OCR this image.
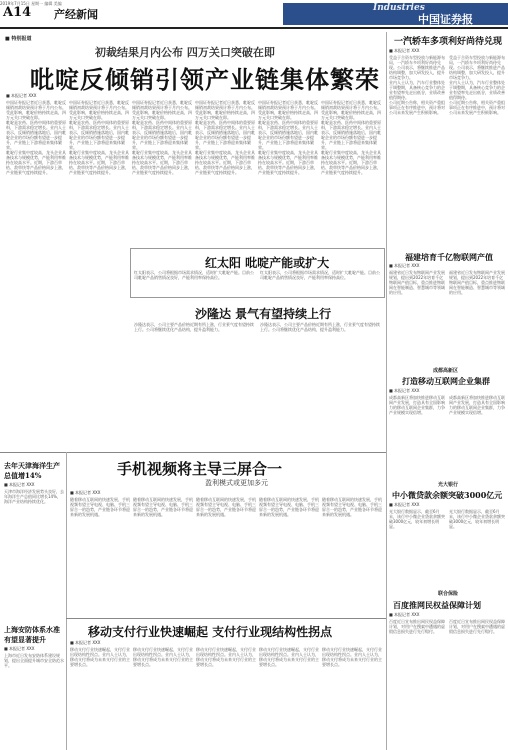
2019年7月15日 星期一 编辑 美编
A14 产经新闻	Industries
中国证券报
■ 特别报道
初裁结果月内公布 四万关口突破在即
吡啶反倾销引领产业链集体繁荣
■ 本报记者 XXX
中国证券报记者近日获悉，吡啶反倾销初裁结果预计将于月内公布。受此影响，吡啶价格持续走高，四万元关口突破在即。
吡啶是农药、医药中间体的重要原料，下游需求稳定增长。业内人士表示，反倾销措施落地后，国内吡啶企业的市场份额有望进一步提升，产业链上下游将迎来集体繁荣。
吡啶行业集中度较高，龙头企业具备技术与规模优势，产能利用率维持在较高水平。近期，下游百草枯、敌草快等产品价格同步上涨，产业链景气度持续提升。

中国证券报记者近日获悉，吡啶反倾销初裁结果预计将于月内公布。受此影响，吡啶价格持续走高，四万元关口突破在即。
吡啶是农药、医药中间体的重要原料，下游需求稳定增长。业内人士表示，反倾销措施落地后，国内吡啶企业的市场份额有望进一步提升，产业链上下游将迎来集体繁荣。
吡啶行业集中度较高，龙头企业具备技术与规模优势，产能利用率维持在较高水平。近期，下游百草枯、敌草快等产品价格同步上涨，产业链景气度持续提升。

中国证券报记者近日获悉，吡啶反倾销初裁结果预计将于月内公布。受此影响，吡啶价格持续走高，四万元关口突破在即。
吡啶是农药、医药中间体的重要原料，下游需求稳定增长。业内人士表示，反倾销措施落地后，国内吡啶企业的市场份额有望进一步提升，产业链上下游将迎来集体繁荣。
吡啶行业集中度较高，龙头企业具备技术与规模优势，产能利用率维持在较高水平。近期，下游百草枯、敌草快等产品价格同步上涨，产业链景气度持续提升。

中国证券报记者近日获悉，吡啶反倾销初裁结果预计将于月内公布。受此影响，吡啶价格持续走高，四万元关口突破在即。
吡啶是农药、医药中间体的重要原料，下游需求稳定增长。业内人士表示，反倾销措施落地后，国内吡啶企业的市场份额有望进一步提升，产业链上下游将迎来集体繁荣。
吡啶行业集中度较高，龙头企业具备技术与规模优势，产能利用率维持在较高水平。近期，下游百草枯、敌草快等产品价格同步上涨，产业链景气度持续提升。

中国证券报记者近日获悉，吡啶反倾销初裁结果预计将于月内公布。受此影响，吡啶价格持续走高，四万元关口突破在即。
吡啶是农药、医药中间体的重要原料，下游需求稳定增长。业内人士表示，反倾销措施落地后，国内吡啶企业的市场份额有望进一步提升，产业链上下游将迎来集体繁荣。
吡啶行业集中度较高，龙头企业具备技术与规模优势，产能利用率维持在较高水平。近期，下游百草枯、敌草快等产品价格同步上涨，产业链景气度持续提升。

中国证券报记者近日获悉，吡啶反倾销初裁结果预计将于月内公布。受此影响，吡啶价格持续走高，四万元关口突破在即。
吡啶是农药、医药中间体的重要原料，下游需求稳定增长。业内人士表示，反倾销措施落地后，国内吡啶企业的市场份额有望进一步提升，产业链上下游将迎来集体繁荣。
吡啶行业集中度较高，龙头企业具备技术与规模优势，产能利用率维持在较高水平。近期，下游百草枯、敌草快等产品价格同步上涨，产业链景气度持续提升。

红太阳 吡啶产能或扩大
红太阳表示，公司将根据市场需求情况，适时扩大吡啶产能。目前公司吡啶产品销售情况良好，产能利用率保持高位。

红太阳表示，公司将根据市场需求情况，适时扩大吡啶产能。目前公司吡啶产品销售情况良好，产能利用率保持高位。

沙隆达 景气有望持续上行
沙隆达表示，公司主要产品价格近期有所上涨，行业景气度有望持续上行。公司将继续优化产品结构，提升盈利能力。

沙隆达表示，公司主要产品价格近期有所上涨，行业景气度有望持续上行。公司将继续优化产品结构，提升盈利能力。

一汽轿车多项利好尚待兑现
■ 本报记者 XXX
受益于合资车型投放与新能源布局，一汽轿车多项利好尚待兑现。公司表示，将继续推进产品结构调整，加大研发投入，提升市场竞争力。
业内人士认为，汽车行业整体处于调整期，具备核心竞争力的企业有望率先走出低谷，业绩改善值得期待。
公司近期公告称，相关资产重组事项正在有序推进中，预计将对公司未来发展产生积极影响。

受益于合资车型投放与新能源布局，一汽轿车多项利好尚待兑现。公司表示，将继续推进产品结构调整，加大研发投入，提升市场竞争力。
业内人士认为，汽车行业整体处于调整期，具备核心竞争力的企业有望率先走出低谷，业绩改善值得期待。
公司近期公告称，相关资产重组事项正在有序推进中，预计将对公司未来发展产生积极影响。

福建培育千亿物联网产值
■ 本报记者 XXX
福建省近日发布物联网产业发展规划，提出到2022年培育千亿物联网产值目标，重点推进物联网在智能制造、智慧城市等领域的应用。

福建省近日发布物联网产业发展规划，提出到2022年培育千亿物联网产值目标，重点推进物联网在智能制造、智慧城市等领域的应用。

成都高新区
打造移动互联网企业集群
■ 本报记者 XXX
成都高新区将加快推进移动互联网产业发展，打造具有全国影响力的移动互联网企业集群，力争产业规模实现倍增。

成都高新区将加快推进移动互联网产业发展，打造具有全国影响力的移动互联网企业集群，力争产业规模实现倍增。

光大银行
中小微贷款余额突破3000亿元
■ 本报记者 XXX
光大银行数据显示，截至6月末，该行中小微企业贷款余额突破3000亿元，较年初增长明显。

光大银行数据显示，截至6月末，该行中小微企业贷款余额突破3000亿元，较年初增长明显。

联合保险
百度推网民权益保障计划
■ 本报记者 XXX
百度近日宣布推出网民权益保障计划，对用户在搜索中遭遇的虚假信息损失进行先行赔付。

百度近日宣布推出网民权益保障计划，对用户在搜索中遭遇的虚假信息损失进行先行赔付。

去年天津海洋生产总值增14%
■ 本报记者 XXX
天津市海洋经济发展势头良好，去年海洋生产总值同比增长14%，海洋产业结构持续优化。

上海安防体系水准有望显著提升
■ 本报记者 XXX
上海市近日发布安防体系建设规划，提出全面提升城市安全防范水平。

手机视频将主导三屏合一
盈利模式或更加多元
■ 本报记者 XXX
随着移动互联网的快速发展，手机视频有望主导电视、电脑、手机三屏合一的趋势，产业链各环节将迎来新的发展机遇。

随着移动互联网的快速发展，手机视频有望主导电视、电脑、手机三屏合一的趋势，产业链各环节将迎来新的发展机遇。

随着移动互联网的快速发展，手机视频有望主导电视、电脑、手机三屏合一的趋势，产业链各环节将迎来新的发展机遇。

随着移动互联网的快速发展，手机视频有望主导电视、电脑、手机三屏合一的趋势，产业链各环节将迎来新的发展机遇。

随着移动互联网的快速发展，手机视频有望主导电视、电脑、手机三屏合一的趋势，产业链各环节将迎来新的发展机遇。

移动支付行业快速崛起 支付行业现结构性拐点
■ 本报记者 XXX
移动支付行业快速崛起，支付行业出现结构性拐点。业内人士认为，移动支付将成为未来支付行业的主要增长点。

移动支付行业快速崛起，支付行业出现结构性拐点。业内人士认为，移动支付将成为未来支付行业的主要增长点。

移动支付行业快速崛起，支付行业出现结构性拐点。业内人士认为，移动支付将成为未来支付行业的主要增长点。

移动支付行业快速崛起，支付行业出现结构性拐点。业内人士认为，移动支付将成为未来支付行业的主要增长点。

移动支付行业快速崛起，支付行业出现结构性拐点。业内人士认为，移动支付将成为未来支付行业的主要增长点。
